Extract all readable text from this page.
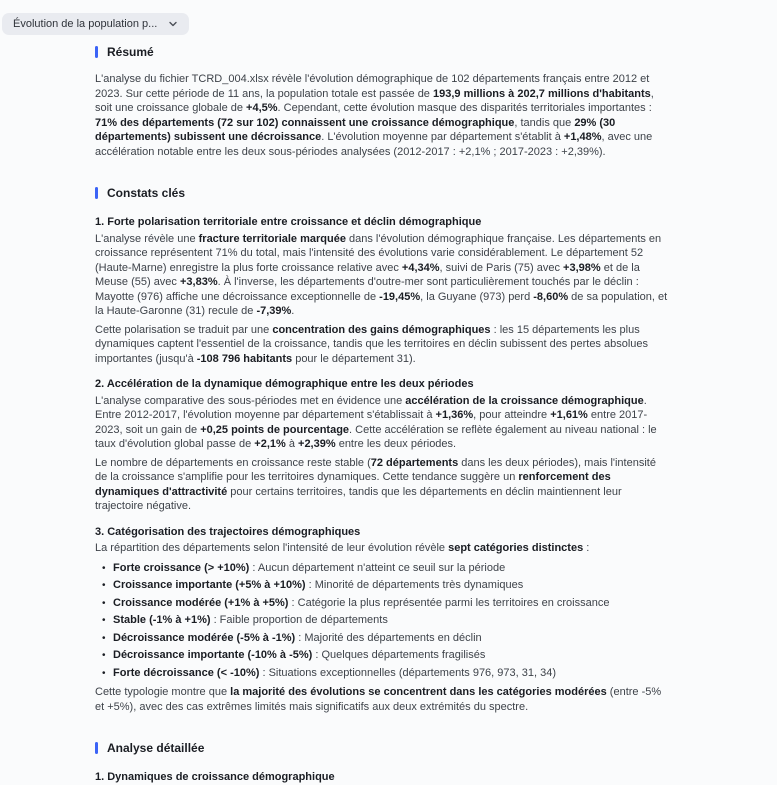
Évolution de la population p...
Résumé

L'analyse du fichier TCRD_004.xlsx révèle l'évolution démographique de 102 départements français entre 2012 et 2023. Sur cette période de 11 ans, la population totale est passée de 193,9 millions à 202,7 millions d'habitants, soit une croissance globale de +4,5%. Cependant, cette évolution masque des disparités territoriales importantes : 71% des départements (72 sur 102) connaissent une croissance démographique, tandis que 29% (30 départements) subissent une décroissance. L'évolution moyenne par département s'établit à +1,48%, avec une accélération notable entre les deux sous-périodes analysées (2012-2017 : +2,1% ; 2017-2023 : +2,39%).

Constats clés
1. Forte polarisation territoriale entre croissance et déclin démographique

L'analyse révèle une fracture territoriale marquée dans l'évolution démographique française. Les départements en croissance représentent 71% du total, mais l'intensité des évolutions varie considérablement. Le département 52 (Haute-Marne) enregistre la plus forte croissance relative avec +4,34%, suivi de Paris (75) avec +3,98% et de la Meuse (55) avec +3,83%. À l'inverse, les départements d'outre-mer sont particulièrement touchés par le déclin : Mayotte (976) affiche une décroissance exceptionnelle de -19,45%, la Guyane (973) perd -8,60% de sa population, et la Haute-Garonne (31) recule de -7,39%.

Cette polarisation se traduit par une concentration des gains démographiques : les 15 départements les plus dynamiques captent l'essentiel de la croissance, tandis que les territoires en déclin subissent des pertes absolues importantes (jusqu'à -108 796 habitants pour le département 31).

2. Accélération de la dynamique démographique entre les deux périodes

L'analyse comparative des sous-périodes met en évidence une accélération de la croissance démographique. Entre 2012-2017, l'évolution moyenne par département s'établissait à +1,36%, pour atteindre +1,61% entre 2017-2023, soit un gain de +0,25 points de pourcentage. Cette accélération se reflète également au niveau national : le taux d'évolution global passe de +2,1% à +2,39% entre les deux périodes.

Le nombre de départements en croissance reste stable (72 départements dans les deux périodes), mais l'intensité de la croissance s'amplifie pour les territoires dynamiques. Cette tendance suggère un renforcement des dynamiques d'attractivité pour certains territoires, tandis que les départements en déclin maintiennent leur trajectoire négative.

3. Catégorisation des trajectoires démographiques

La répartition des départements selon l'intensité de leur évolution révèle sept catégories distinctes :

•
Forte croissance (> +10%) : Aucun département n'atteint ce seuil sur la période
•
Croissance importante (+5% à +10%) : Minorité de départements très dynamiques
•
Croissance modérée (+1% à +5%) : Catégorie la plus représentée parmi les territoires en croissance
•
Stable (-1% à +1%) : Faible proportion de départements
•
Décroissance modérée (-5% à -1%) : Majorité des départements en déclin
•
Décroissance importante (-10% à -5%) : Quelques départements fragilisés
•
Forte décroissance (< -10%) : Situations exceptionnelles (départements 976, 973, 31, 34)

Cette typologie montre que la majorité des évolutions se concentrent dans les catégories modérées (entre -5% et +5%), avec des cas extrêmes limités mais significatifs aux deux extrémités du spectre.

Analyse détaillée
1. Dynamiques de croissance démographique
